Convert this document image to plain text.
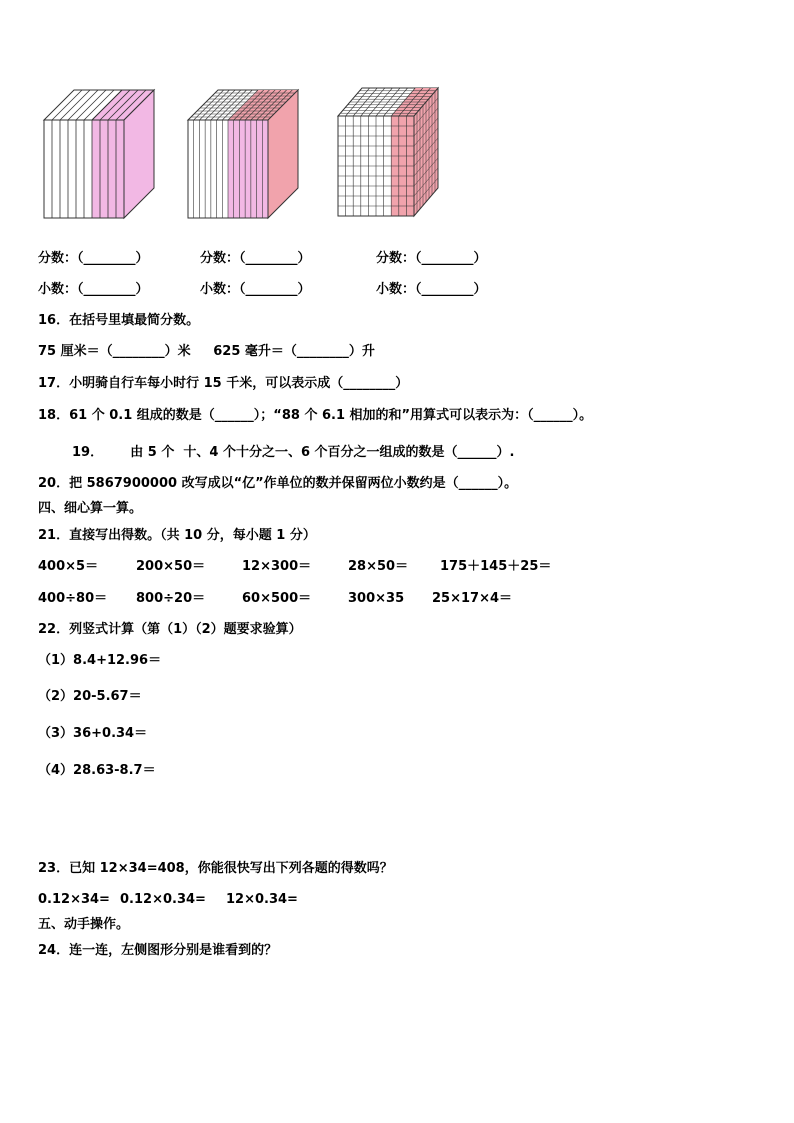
分数：（________）	分数：（________）	分数：（________）
小数：（________）	小数：（________）	小数：（________）
16．在括号里填最简分数。
75 厘米＝（________）米     625 毫升＝（________）升
17．小明骑自行车每小时行 15 千米，可以表示成（________）
18．61 个 0.1 组成的数是（______）；“88 个 6.1 相加的和”用算式可以表示为：（______）。
19．      由 5 个  十、4 个十分之一、6 个百分之一组成的数是（______）.
20．把 5867900000 改写成以“亿”作单位的数并保留两位小数约是（______）。
四、细心算一算。
21．直接写出得数。（共 10 分，每小题 1 分）
400×5＝	200×50＝	12×300＝	28×50＝ 175＋145＋25＝
400÷80＝ 800÷20＝	60×500＝	300×35 25×17×4＝
22．列竖式计算（第（1）（2）题要求验算）
（1）8.4+12.96＝
（2）20-5.67＝
（3）36+0.34＝
（4）28.63-8.7＝
23．已知 12×34=408，你能很快写出下列各题的得数吗？
0.12×34= 0.12×0.34= 12×0.34=
五、动手操作。
24．连一连，左侧图形分别是谁看到的？
